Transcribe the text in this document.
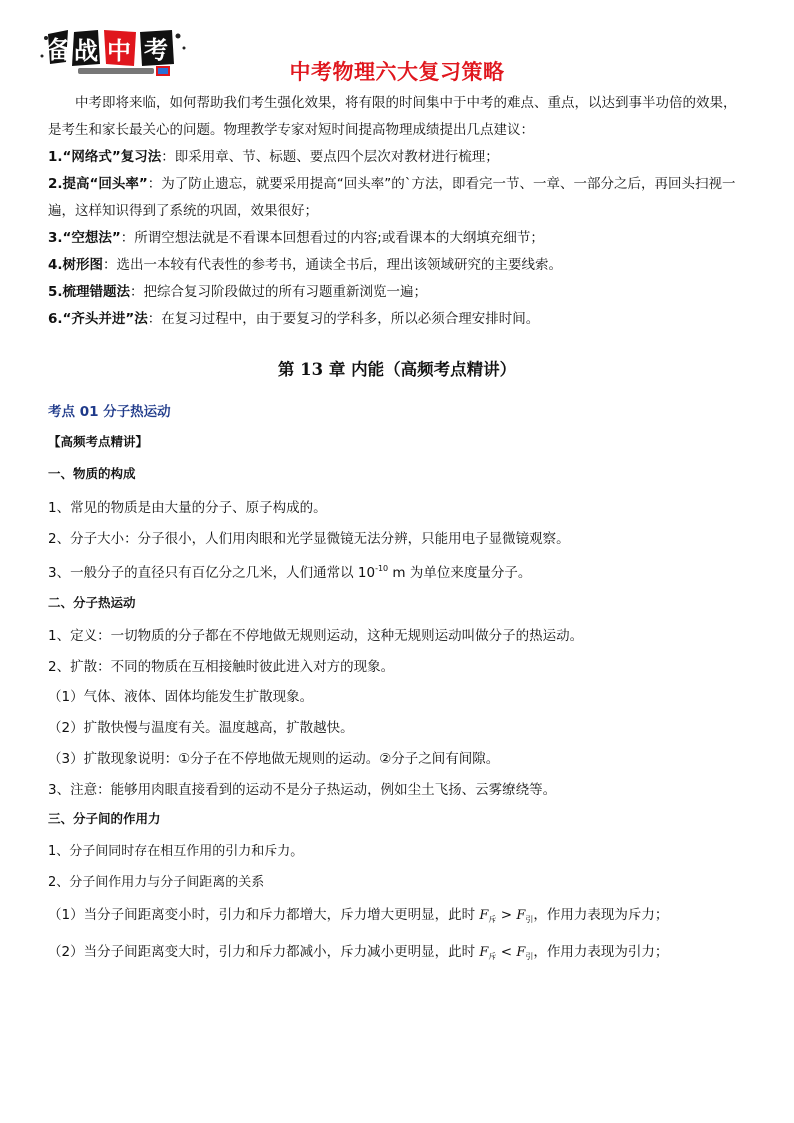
备 战 中 考
中考物理六大复习策略
中考即将来临，如何帮助我们考生强化效果，将有限的时间集中于中考的难点、重点，以达到事半功倍的效果，是考生和家长最关心的问题。物理教学专家对短时间提高物理成绩提出几点建议：
1.“网络式”复习法：即采用章、节、标题、要点四个层次对教材进行梳理；
2.提高“回头率”：为了防止遗忘，就要采用提高“回头率”的`方法，即看完一节、一章、一部分之后，再回头扫视一遍，这样知识得到了系统的巩固，效果很好；
3.“空想法”：所谓空想法就是不看课本回想看过的内容;或看课本的大纲填充细节；
4.树形图：选出一本较有代表性的参考书，通读全书后，理出该领域研究的主要线索。
5.梳理错题法：把综合复习阶段做过的所有习题重新浏览一遍；
6.“齐头并进”法：在复习过程中，由于要复习的学科多，所以必须合理安排时间。
第 13 章 内能（高频考点精讲）
考点 01 分子热运动
【高频考点精讲】
一、物质的构成
1、常见的物质是由大量的分子、原子构成的。
2、分子大小：分子很小，人们用肉眼和光学显微镜无法分辨，只能用电子显微镜观察。
3、一般分子的直径只有百亿分之几米，人们通常以 $10^{-10}$ m 为单位来度量分子。
二、分子热运动
1、定义：一切物质的分子都在不停地做无规则运动，这种无规则运动叫做分子的热运动。
2、扩散：不同的物质在互相接触时彼此进入对方的现象。
（1）气体、液体、固体均能发生扩散现象。
（2）扩散快慢与温度有关。温度越高，扩散越快。
（3）扩散现象说明：①分子在不停地做无规则的运动。②分子之间有间隙。
3、注意：能够用肉眼直接看到的运动不是分子热运动，例如尘土飞扬、云雾缭绕等。
三、分子间的作用力
1、分子间同时存在相互作用的引力和斥力。
2、分子间作用力与分子间距离的关系
（1）当分子间距离变小时，引力和斥力都增大，斥力增大更明显，此时 $F_斥 > F_引$，作用力表现为斥力；
（2）当分子间距离变大时，引力和斥力都减小，斥力减小更明显，此时 $F_斥 < F_引$，作用力表现为引力；
